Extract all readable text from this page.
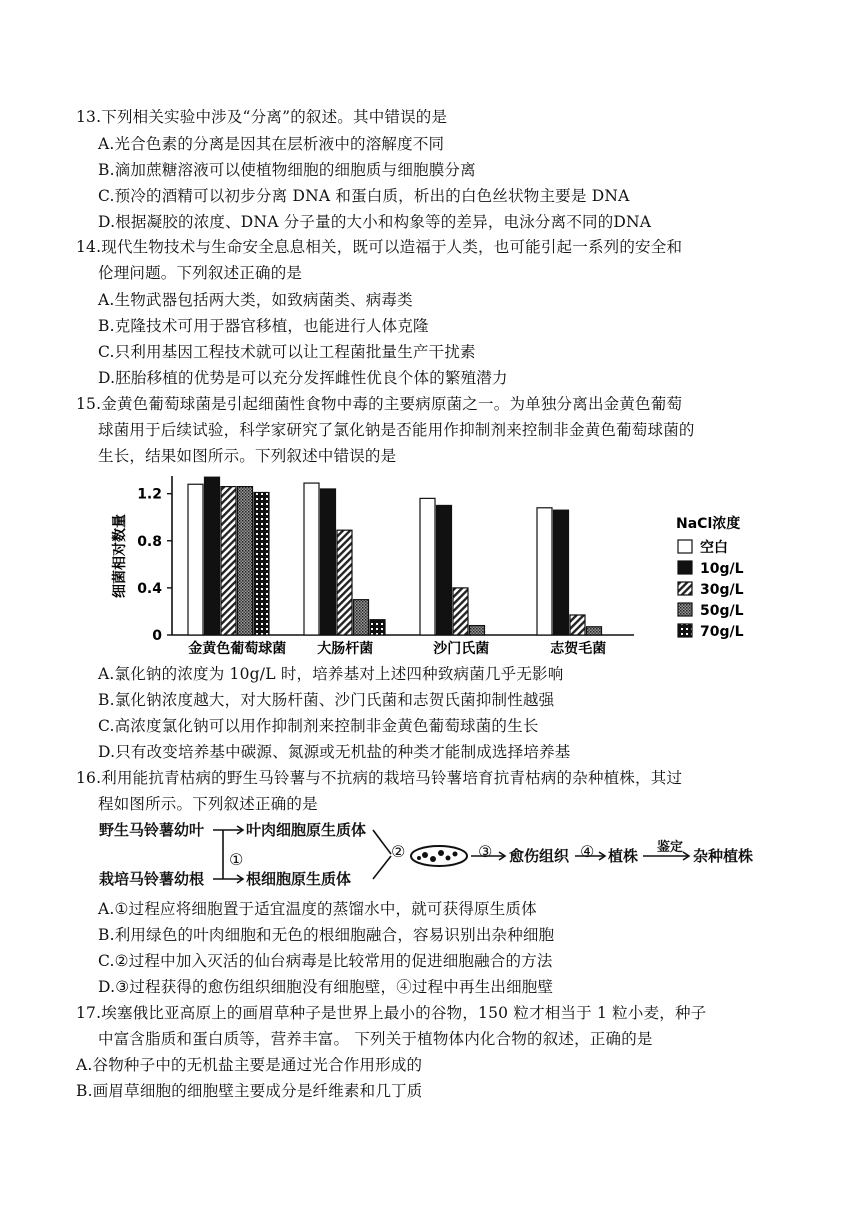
13.下列相关实验中涉及“分离”的叙述。其中错误的是
A.光合色素的分离是因其在层析液中的溶解度不同
B.滴加蔗糖溶液可以使植物细胞的细胞质与细胞膜分离
C.预冷的酒精可以初步分离 DNA 和蛋白质，析出的白色丝状物主要是 DNA
D.根据凝胶的浓度、DNA 分子量的大小和构象等的差异，电泳分离不同的DNA
14.现代生物技术与生命安全息息相关，既可以造福于人类，也可能引起一系列的安全和
伦理问题。下列叙述正确的是
A.生物武器包括两大类，如致病菌类、病毒类
B.克隆技术可用于器官移植，也能进行人体克隆
C.只利用基因工程技术就可以让工程菌批量生产干扰素
D.胚胎移植的优势是可以充分发挥雌性优良个体的繁殖潜力
15.金黄色葡萄球菌是引起细菌性食物中毒的主要病原菌之一。为单独分离出金黄色葡萄
球菌用于后续试验，科学家研究了氯化钠是否能用作抑制剂来控制非金黄色葡萄球菌的
生长，结果如图所示。下列叙述中错误的是
0
0.4
0.8
1.2
细菌相对数量
金黄色葡萄球菌 大肠杆菌	沙门氏菌	志贺毛菌
NaCl浓度
空白
10g/L
30g/L
50g/L
70g/L
A.氯化钠的浓度为 10g/L 时，培养基对上述四种致病菌几乎无影响
B.氯化钠浓度越大，对大肠杆菌、沙门氏菌和志贺氏菌抑制性越强
C.高浓度氯化钠可以用作抑制剂来控制非金黄色葡萄球菌的生长
D.只有改变培养基中碳源、氮源或无机盐的种类才能制成选择培养基
16.利用能抗青枯病的野生马铃薯与不抗病的栽培马铃薯培育抗青枯病的杂种植株，其过
程如图所示。下列叙述正确的是
野生马铃薯幼叶	叶肉细胞原生质体
栽培马铃薯幼根	根细胞原生质体
愈伤组织	植株 鉴定 杂种植株
①	②	③	④
A.①过程应将细胞置于适宜温度的蒸馏水中，就可获得原生质体
B.利用绿色的叶肉细胞和无色的根细胞融合，容易识别出杂种细胞
C.②过程中加入灭活的仙台病毒是比较常用的促进细胞融合的方法
D.③过程获得的愈伤组织细胞没有细胞壁，④过程中再生出细胞壁
17.埃塞俄比亚高原上的画眉草种子是世界上最小的谷物，150 粒才相当于 1 粒小麦，种子
中富含脂质和蛋白质等，营养丰富。 下列关于植物体内化合物的叙述，正确的是
A.谷物种子中的无机盐主要是通过光合作用形成的
B.画眉草细胞的细胞壁主要成分是纤维素和几丁质
